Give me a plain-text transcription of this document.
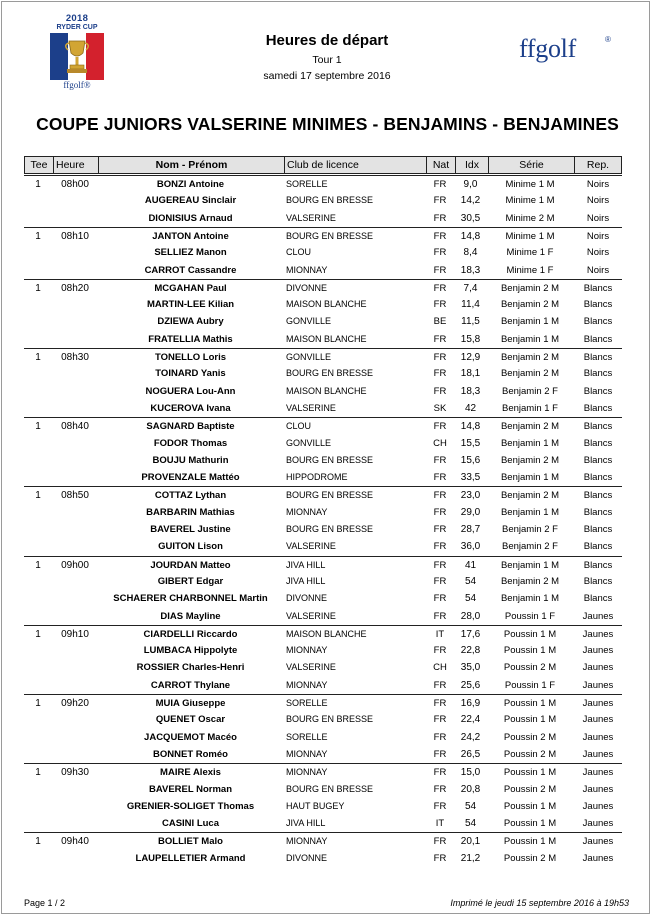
2018
RYDER CUP
ffgolf®
Heures de départ
Tour 1
samedi 17 septembre 2016
ffgolf	®
COUPE JUNIORS VALSERINE MINIMES - BENJAMINS - BENJAMINES
Tee Heure	Nom - Prénom	Club de licence	Nat	Idx	Série	Rep.
1	08h00	BONZI Antoine	SORELLE	FR	9,0	Minime 1 M	Noirs
AUGEREAU Sinclair	BOURG EN BRESSE	FR	14,2	Minime 1 M	Noirs
DIONISIUS Arnaud	VALSERINE	FR	30,5	Minime 2 M	Noirs
1	08h10	JANTON Antoine	BOURG EN BRESSE	FR	14,8	Minime 1 M	Noirs
SELLIEZ Manon	CLOU	FR	8,4	Minime 1 F	Noirs
CARROT Cassandre	MIONNAY	FR	18,3	Minime 1 F	Noirs
1	08h20	MCGAHAN Paul	DIVONNE	FR	7,4	Benjamin 2 M	Blancs
MARTIN-LEE Kilian	MAISON BLANCHE	FR	11,4	Benjamin 2 M	Blancs
DZIEWA Aubry	GONVILLE	BE	11,5	Benjamin 1 M	Blancs
FRATELLIA Mathis	MAISON BLANCHE	FR	15,8	Benjamin 1 M	Blancs
1	08h30	TONELLO Loris	GONVILLE	FR	12,9	Benjamin 2 M	Blancs
TOINARD Yanis	BOURG EN BRESSE	FR	18,1	Benjamin 2 M	Blancs
NOGUERA Lou-Ann	MAISON BLANCHE	FR	18,3	Benjamin 2 F	Blancs
KUCEROVA Ivana	VALSERINE	SK	42	Benjamin 1 F	Blancs
1	08h40	SAGNARD Baptiste	CLOU	FR	14,8	Benjamin 2 M	Blancs
FODOR Thomas	GONVILLE	CH	15,5	Benjamin 1 M	Blancs
BOUJU Mathurin	BOURG EN BRESSE	FR	15,6	Benjamin 2 M	Blancs
PROVENZALE Mattéo	HIPPODROME	FR	33,5	Benjamin 1 M	Blancs
1	08h50	COTTAZ Lythan	BOURG EN BRESSE	FR	23,0	Benjamin 2 M	Blancs
BARBARIN Mathias	MIONNAY	FR	29,0	Benjamin 1 M	Blancs
BAVEREL Justine	BOURG EN BRESSE	FR	28,7	Benjamin 2 F	Blancs
GUITON Lison	VALSERINE	FR	36,0	Benjamin 2 F	Blancs
1	09h00	JOURDAN Matteo	JIVA HILL	FR	41	Benjamin 1 M	Blancs
GIBERT Edgar	JIVA HILL	FR	54	Benjamin 2 M	Blancs
SCHAERER CHARBONNEL Martin	DIVONNE	FR	54	Benjamin 1 M	Blancs
DIAS Mayline	VALSERINE	FR	28,0	Poussin 1 F	Jaunes
1	09h10	CIARDELLI Riccardo	MAISON BLANCHE	IT	17,6	Poussin 1 M	Jaunes
LUMBACA Hippolyte	MIONNAY	FR	22,8	Poussin 1 M	Jaunes
ROSSIER Charles-Henri	VALSERINE	CH	35,0	Poussin 2 M	Jaunes
CARROT Thylane	MIONNAY	FR	25,6	Poussin 1 F	Jaunes
1	09h20	MUIA Giuseppe	SORELLE	FR	16,9	Poussin 1 M	Jaunes
QUENET Oscar	BOURG EN BRESSE	FR	22,4	Poussin 1 M	Jaunes
JACQUEMOT Macéo	SORELLE	FR	24,2	Poussin 2 M	Jaunes
BONNET Roméo	MIONNAY	FR	26,5	Poussin 2 M	Jaunes
1	09h30	MAIRE Alexis	MIONNAY	FR	15,0	Poussin 1 M	Jaunes
BAVEREL Norman	BOURG EN BRESSE	FR	20,8	Poussin 2 M	Jaunes
GRENIER-SOLIGET Thomas	HAUT BUGEY	FR	54	Poussin 1 M	Jaunes
CASINI Luca	JIVA HILL	IT	54	Poussin 1 M	Jaunes
1	09h40	BOLLIET Malo	MIONNAY	FR	20,1	Poussin 1 M	Jaunes
LAUPELLETIER Armand	DIVONNE	FR	21,2	Poussin 2 M	Jaunes
Page 1 / 2	Imprimé le jeudi 15 septembre 2016 à 19h53
